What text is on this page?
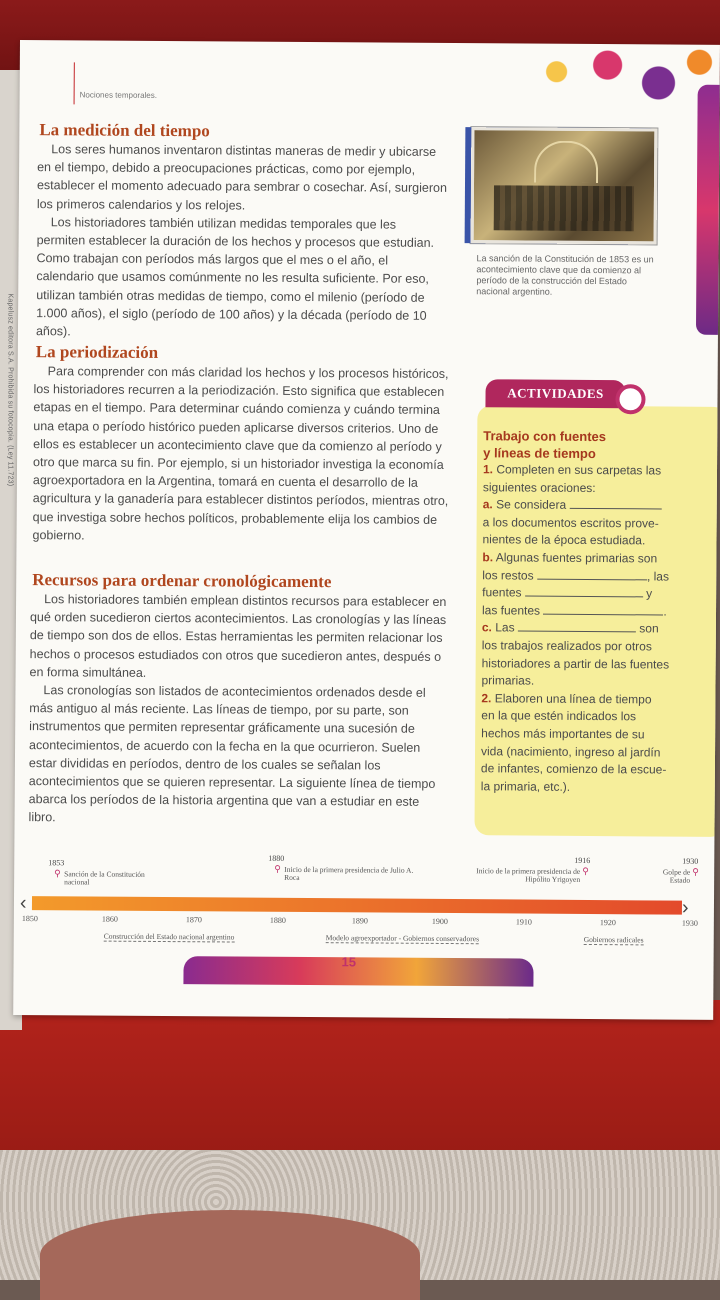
Kapelusz editora S.A. Prohibida su fotocopia. (Ley 11.723)
Nociones temporales.
La medición del tiempo

Los seres humanos inventaron distintas maneras de medir y ubicarse en el tiempo, debido a preocupaciones prácticas, como por ejemplo, establecer el momento adecuado para sembrar o cosechar. Así, surgieron los primeros calendarios y los relojes.

Los historiadores también utilizan medidas temporales que les permiten establecer la duración de los hechos y procesos que estudian. Como trabajan con períodos más largos que el mes o el año, el calendario que usamos comúnmente no les resulta suficiente. Por eso, utilizan también otras medidas de tiempo, como el milenio (período de 1.000 años), el siglo (período de 100 años) y la década (período de 10 años).

La sanción de la Constitución de 1853 es un acontecimiento clave que da comienzo al período de la construcción del Estado nacional argentino.
La periodización

Para comprender con más claridad los hechos y los procesos históricos, los historiadores recurren a la periodización. Esto significa que establecen etapas en el tiempo. Para determinar cuándo comienza y cuándo termina una etapa o período histórico pueden aplicarse diversos criterios. Uno de ellos es establecer un acontecimiento clave que da comienzo al período y otro que marca su fin. Por ejemplo, si un historiador investiga la economía agroexportadora en la Argentina, tomará en cuenta el desarrollo de la agricultura y la ganadería para establecer distintos períodos, mientras otro, que investiga sobre hechos políticos, probablemente elija los cambios de gobierno.

Recursos para ordenar cronológicamente

Los historiadores también emplean distintos recursos para establecer en qué orden sucedieron ciertos acontecimientos. Las cronologías y las líneas de tiempo son dos de ellos. Estas herramientas les permiten relacionar los hechos o procesos estudiados con otros que sucedieron antes, después o en forma simultánea.

Las cronologías son listados de acontecimientos ordenados desde el más antiguo al más reciente. Las líneas de tiempo, por su parte, son instrumentos que permiten representar gráficamente una sucesión de acontecimientos, de acuerdo con la fecha en la que ocurrieron. Suelen estar divididas en períodos, dentro de los cuales se señalan los acontecimientos que se quieren representar. La siguiente línea de tiempo abarca los períodos de la historia argentina que van a estudiar en este libro.

ACTIVIDADES
Trabajo con fuentes
y líneas de tiempo
1. Completen en sus carpetas las
siguientes oraciones:
a. Se considera
a los documentos escritos prove-
nientes de la época estudiada.
b. Algunas fuentes primarias son
los restos	, las
fuentes	y
las fuentes	.
c. Las	son
los trabajos realizados por otros
historiadores a partir de las fuentes
primarias.
2. Elaboren una línea de tiempo
en la que estén indicados los
hechos más importantes de su
vida (nacimiento, ingreso al jardín
de infantes, comienzo de la escue-
la primaria, etc.).
‹	›
1850	1860	1870	1880	1890	1900	1910	1920	1930
1853
⚲ Sanción de la Constitución nacional
1880
⚲ Inicio de la primera presidencia de Julio A. Roca
1916
Inicio de la primera presidencia de Hipólito Yrigoyen
⚲
1930
Golpe de Estado
⚲
Construcción del Estado nacional argentino	Modelo agroexportador - Gobiernos conservadores	Gobiernos radicales
15
